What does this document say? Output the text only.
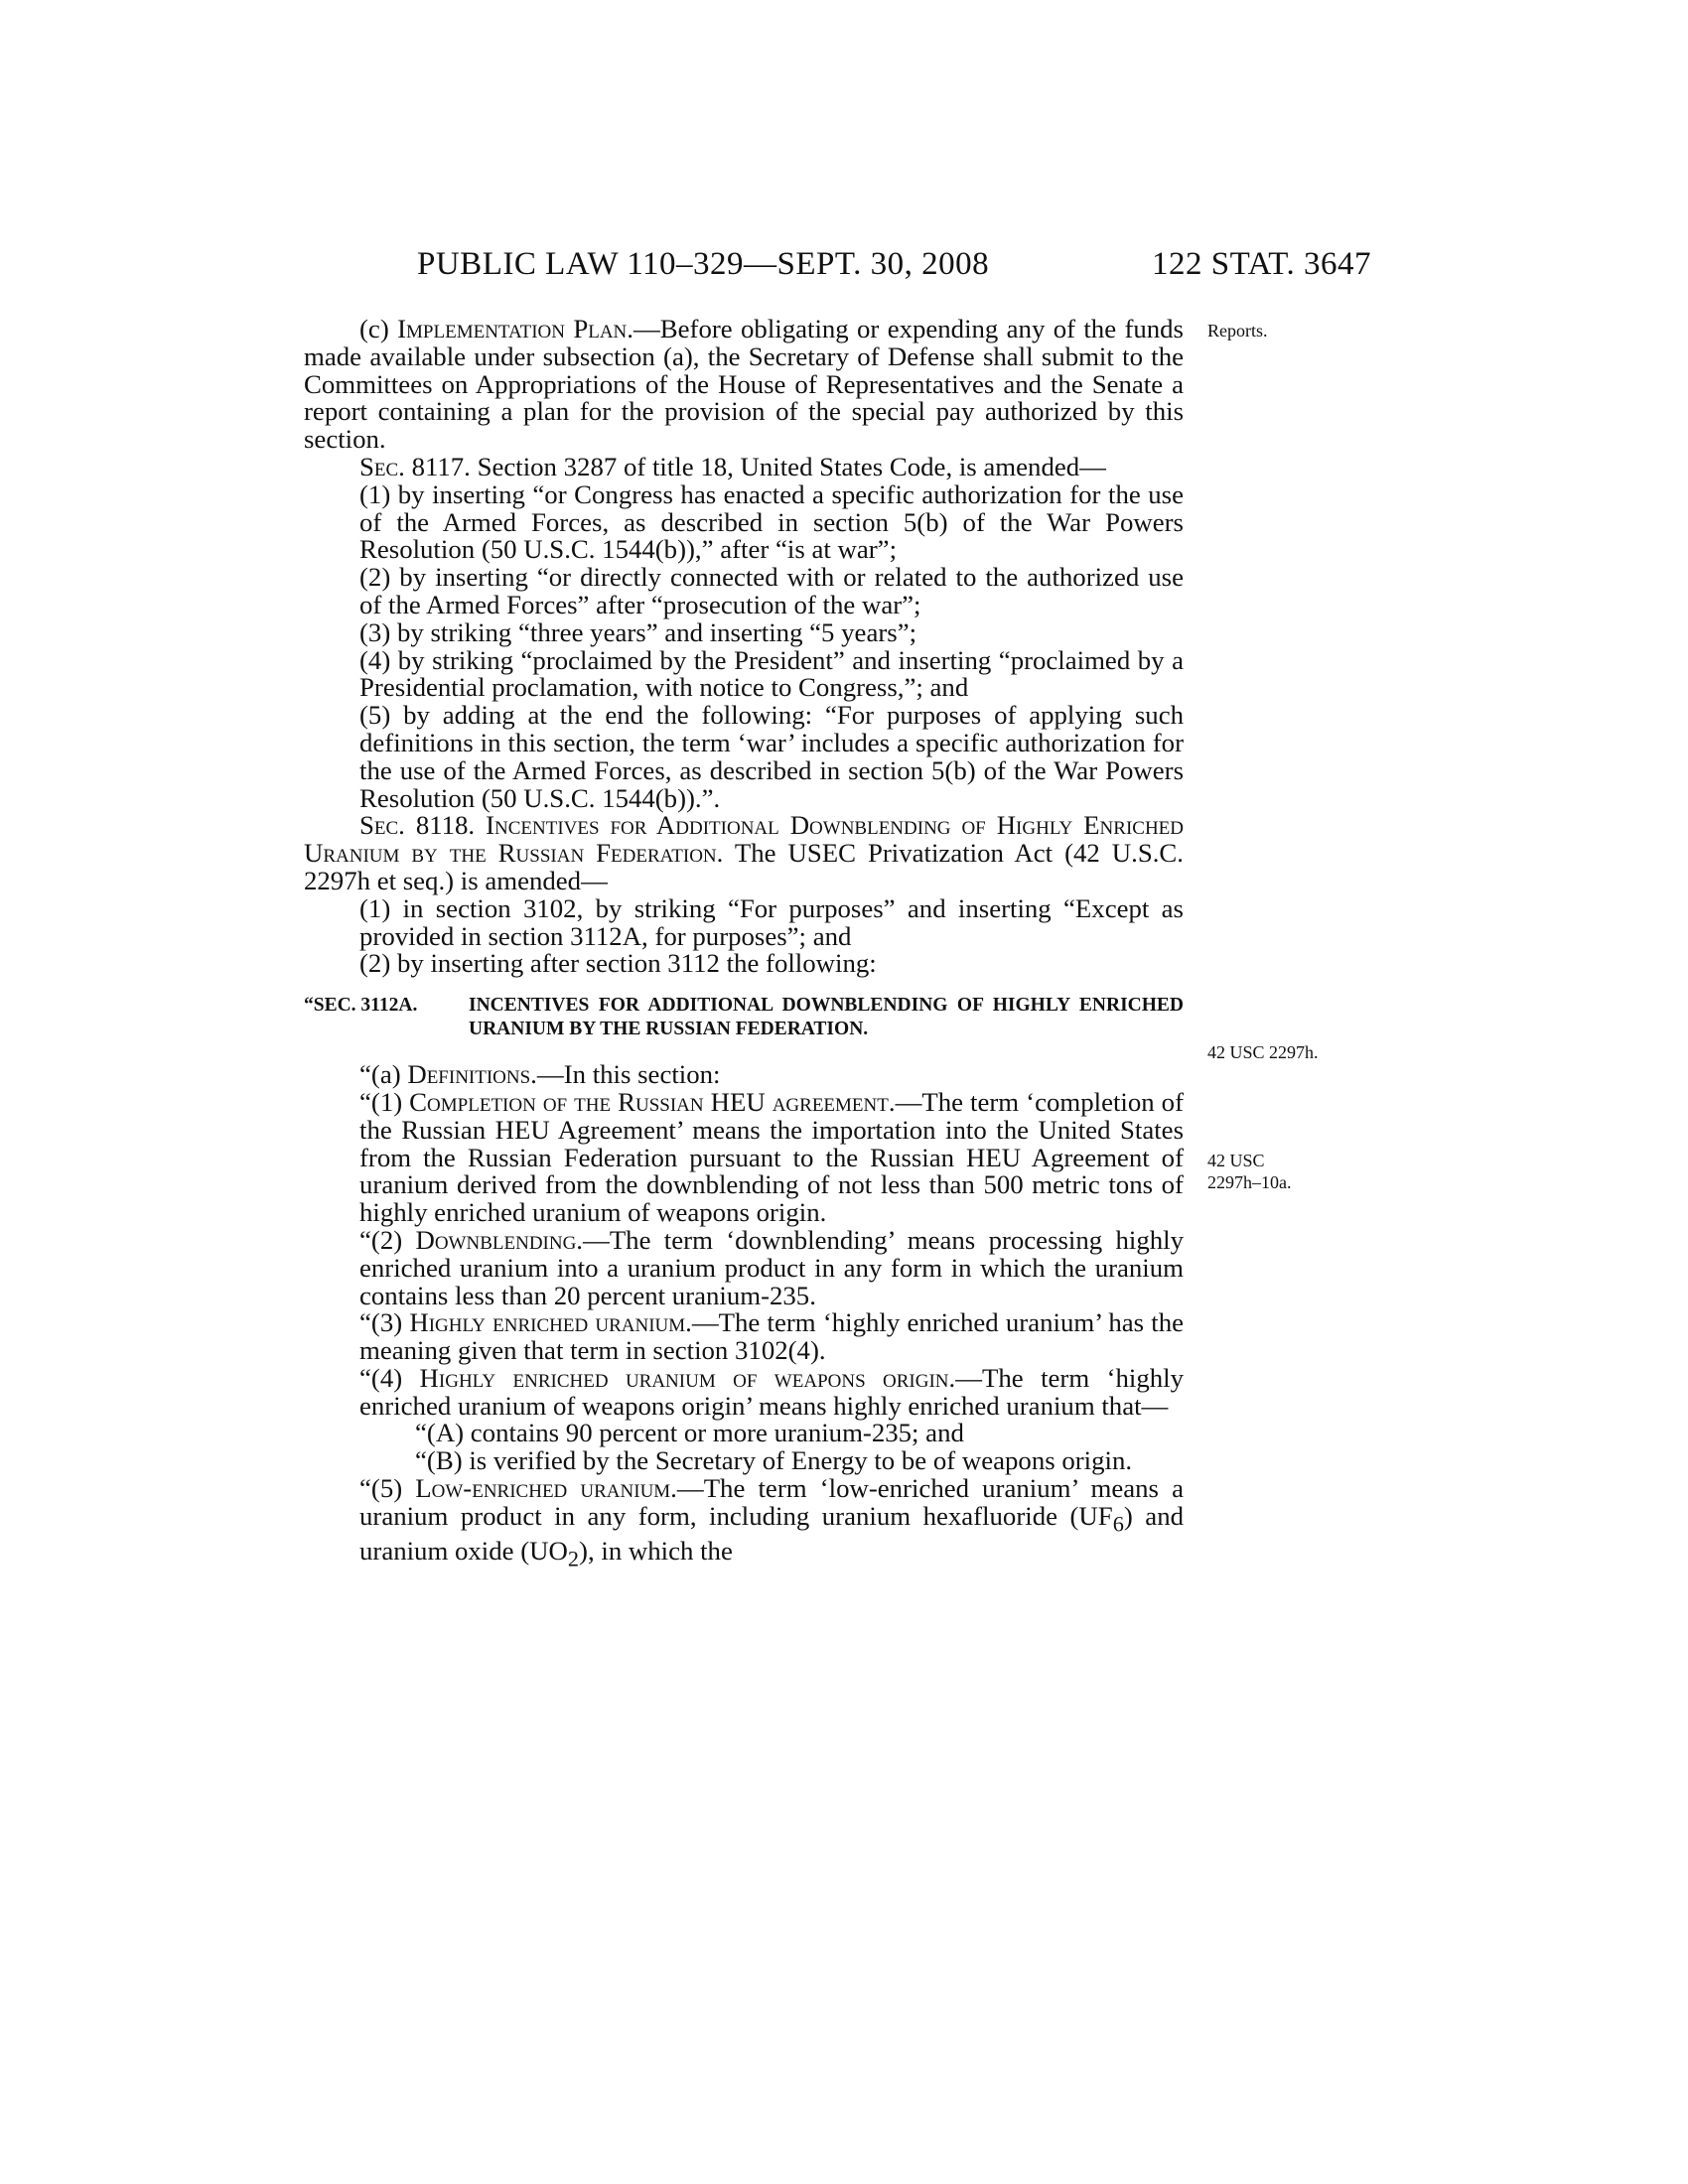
PUBLIC LAW 110–329—SEPT. 30, 2008	122 STAT. 3647
Reports.
42 USC 2297h.
42 USC
2297h–10a.

(c) Implementation Plan.—Before obligating or expending any of the funds made available under subsection (a), the Secretary of Defense shall submit to the Committees on Appropriations of the House of Representatives and the Senate a report containing a plan for the provision of the special pay authorized by this section.

Sec. 8117. Section 3287 of title 18, United States Code, is amended—

(1) by inserting “or Congress has enacted a specific authorization for the use of the Armed Forces, as described in section 5(b) of the War Powers Resolution (50 U.S.C. 1544(b)),” after “is at war”;

(2) by inserting “or directly connected with or related to the authorized use of the Armed Forces” after “prosecution of the war”;

(3) by striking “three years” and inserting “5 years”;

(4) by striking “proclaimed by the President” and inserting “proclaimed by a Presidential proclamation, with notice to Congress,”; and

(5) by adding at the end the following: “For purposes of applying such definitions in this section, the term ‘war’ includes a specific authorization for the use of the Armed Forces, as described in section 5(b) of the War Powers Resolution (50 U.S.C. 1544(b)).”.

Sec. 8118. Incentives for Additional Downblending of Highly Enriched Uranium by the Russian Federation. The USEC Privatization Act (42 U.S.C. 2297h et seq.) is amended—

(1) in section 3102, by striking “For purposes” and inserting “Except as provided in section 3112A, for purposes”; and

(2) by inserting after section 3112 the following:

“SEC. 3112A.	INCENTIVES FOR ADDITIONAL DOWNBLENDING OF HIGHLY ENRICHED URANIUM BY THE RUSSIAN FEDERATION.

“(a) Definitions.—In this section:

“(1) Completion of the Russian HEU agreement.—The term ‘completion of the Russian HEU Agreement’ means the importation into the United States from the Russian Federation pursuant to the Russian HEU Agreement of uranium derived from the downblending of not less than 500 metric tons of highly enriched uranium of weapons origin.

“(2) Downblending.—The term ‘downblending’ means processing highly enriched uranium into a uranium product in any form in which the uranium contains less than 20 percent uranium-235.

“(3) Highly enriched uranium.—The term ‘highly enriched uranium’ has the meaning given that term in section 3102(4).

“(4) Highly enriched uranium of weapons origin.—The term ‘highly enriched uranium of weapons origin’ means highly enriched uranium that—

“(A) contains 90 percent or more uranium-235; and

“(B) is verified by the Secretary of Energy to be of weapons origin.

“(5) Low-enriched uranium.—The term ‘low-enriched uranium’ means a uranium product in any form, including uranium hexafluoride $(UF_6)$ and uranium oxide $(UO_2)$, in which the
